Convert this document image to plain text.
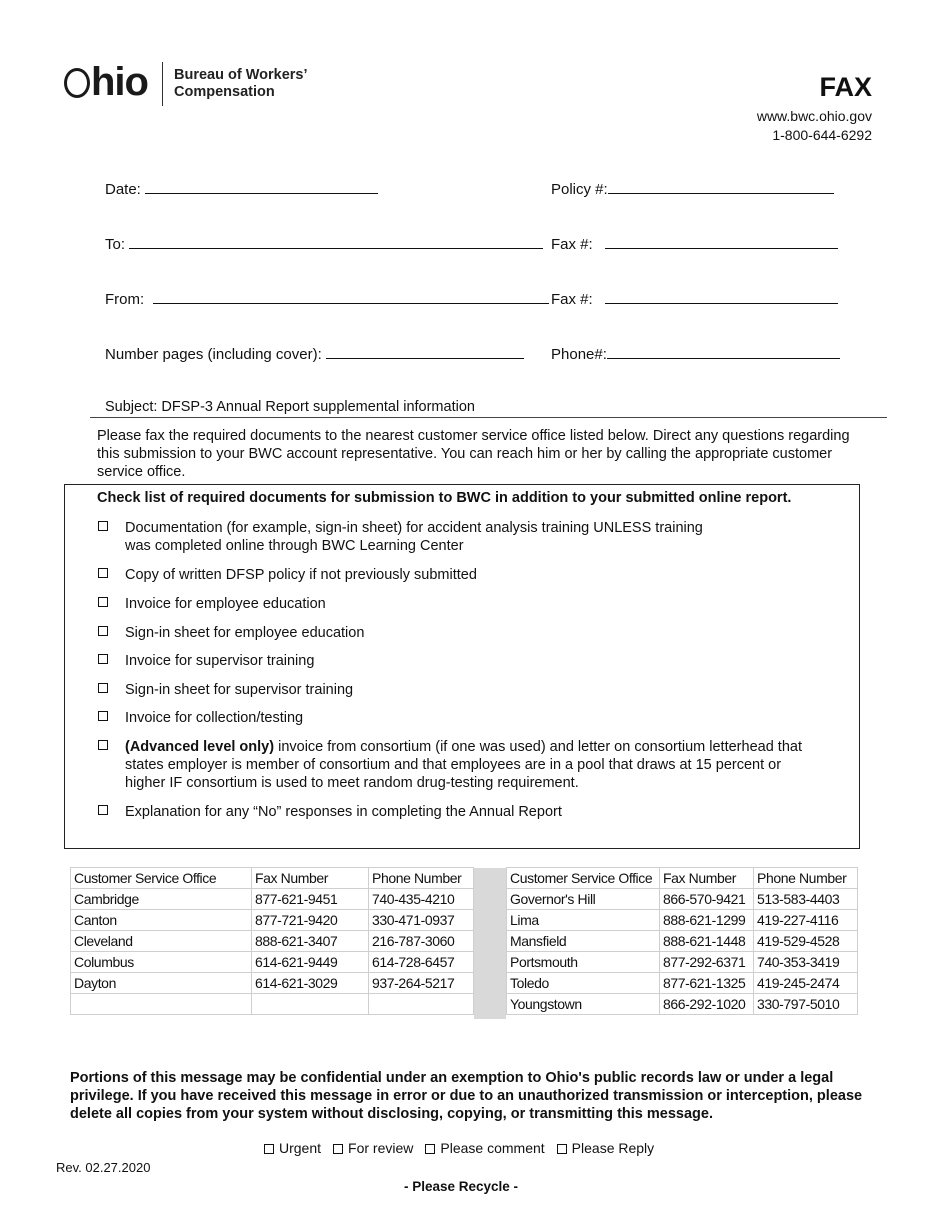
hio Bureau of Workers’
Compensation	FAX
www.bwc.ohio.gov
1-800-644-6292
Date:	Policy #:
To:	Fax #:
From:	Fax #:
Number pages (including cover):	Phone#:
Subject: DFSP-3 Annual Report supplemental information
Please fax the required documents to the nearest customer service office listed below. Direct any questions regarding this submission to your BWC account representative. You can reach him or her by calling the appropriate customer service office.
Check list of required documents for submission to BWC in addition to your submitted online report.
Documentation (for example, sign-in sheet) for accident analysis training UNLESS training
was completed online through BWC Learning Center
Copy of written DFSP policy if not previously submitted
Invoice for employee education
Sign-in sheet for employee education
Invoice for supervisor training
Sign-in sheet for supervisor training
Invoice for collection/testing
(Advanced level only) invoice from consortium (if one was used) and letter on consortium letterhead that states employer is member of consortium and that employees are in a pool that draws at 15 percent or higher IF consortium is used to meet random drug-testing requirement.
Explanation for any “No” responses in completing the Annual Report
Customer Service Office	Fax Number	Phone Number
Cambridge	877-621-9451	740-435-4210
Canton	877-721-9420	330-471-0937
Cleveland	888-621-3407	216-787-3060
Columbus	614-621-9449	614-728-6457
Dayton	614-621-3029	937-264-5217

Customer Service Office	Fax Number	Phone Number
Governor's Hill	866-570-9421	513-583-4403
Lima	888-621-1299	419-227-4116
Mansfield	888-621-1448	419-529-4528
Portsmouth	877-292-6371	740-353-3419
Toledo	877-621-1325	419-245-2474
Youngstown	866-292-1020	330-797-5010
Portions of this message may be confidential under an exemption to Ohio's public records law or under a legal privilege. If you have received this message in error or due to an unauthorized transmission or interception, please delete all copies from your system without disclosing, copying, or transmitting this message.
Urgent For review Please comment Please Reply
Rev. 02.27.2020
- Please Recycle -
